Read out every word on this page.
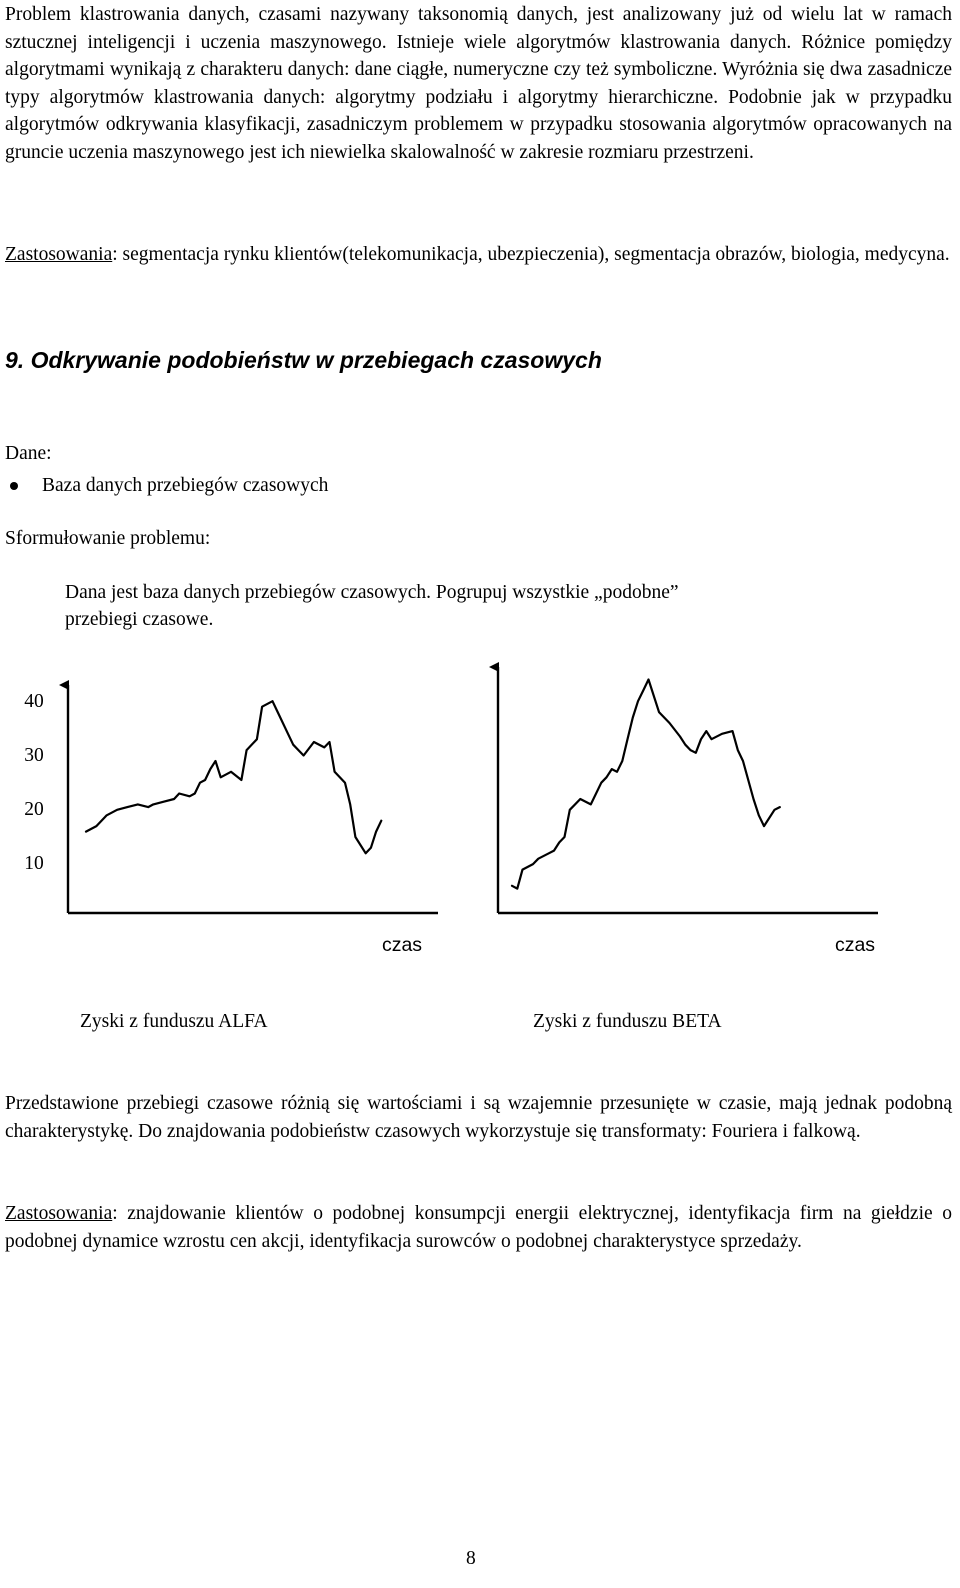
Problem klastrowania danych, czasami nazywany taksonomią danych, jest analizowany już od wielu lat w ramach sztucznej inteligencji i uczenia maszynowego. Istnieje wiele algorytmów klastrowania danych. Różnice pomiędzy algorytmami wynikają z charakteru danych: dane ciągłe, numeryczne czy też symboliczne. Wyróżnia się dwa zasadnicze typy algorytmów klastrowania danych: algorytmy podziału i algorytmy hierarchiczne. Podobnie jak w przypadku algorytmów odkrywania klasyfikacji, zasadniczym problemem w przypadku stosowania algorytmów opracowanych na gruncie uczenia maszynowego jest ich niewielka skalowalność w zakresie rozmiaru przestrzeni.

Zastosowania: segmentacja rynku klientów(telekomunikacja, ubezpieczenia), segmentacja obrazów, biologia, medycyna.

9. Odkrywanie podobieństw w przebiegach czasowych

Dane:

Baza danych przebiegów czasowych

Sformułowanie problemu:

Dana jest baza danych przebiegów czasowych. Pogrupuj wszystkie „podobne”

przebiegi czasowe.

czas	czas
40
30
20
10

Zyski z funduszu ALFA	Zyski z funduszu BETA

Przedstawione przebiegi czasowe różnią się wartościami i są wzajemnie przesunięte w czasie, mają jednak podobną charakterystykę. Do znajdowania podobieństw czasowych wykorzystuje się transformaty: Fouriera i falkową.

Zastosowania: znajdowanie klientów o podobnej konsumpcji energii elektrycznej, identyfikacja firm na giełdzie o podobnej dynamice wzrostu cen akcji, identyfikacja surowców o podobnej charakterystyce sprzedaży.

8
